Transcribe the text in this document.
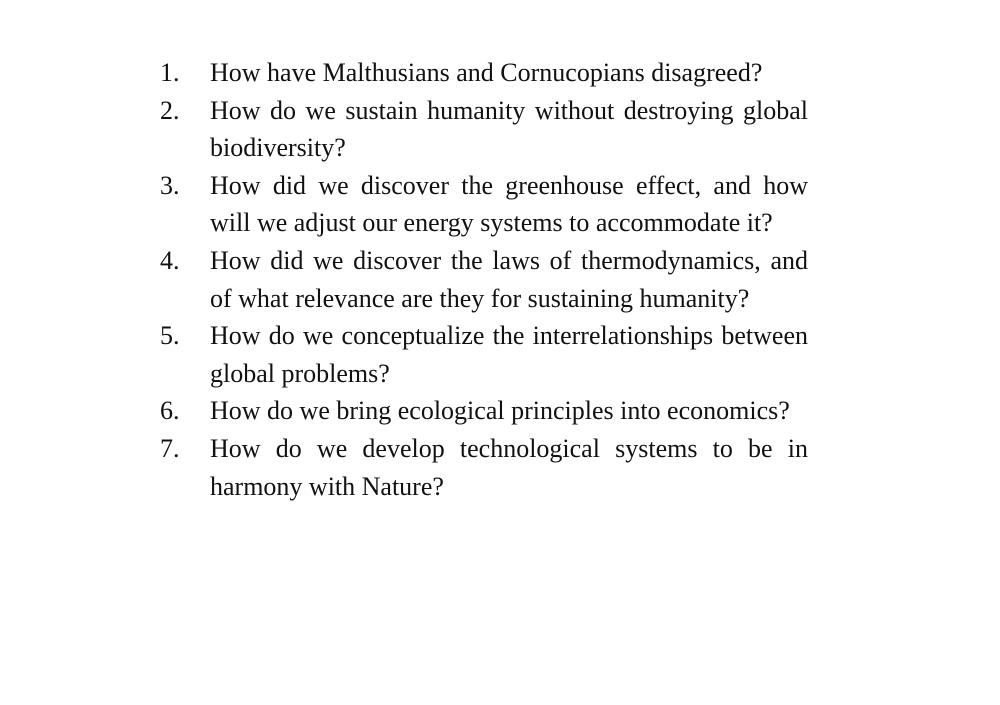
1.	How have Malthusians and Cornucopians disagreed?
2.	How do we sustain humanity without destroying global biodiversity?
3.	How did we discover the greenhouse effect, and how will we adjust our energy systems to accommodate it?
4.	How did we discover the laws of thermodynamics, and of what relevance are they for sustaining humanity?
5.	How do we conceptualize the interrelationships between global problems?
6.	How do we bring ecological principles into economics?
7.	How do we develop technological systems to be in harmony with Nature?
